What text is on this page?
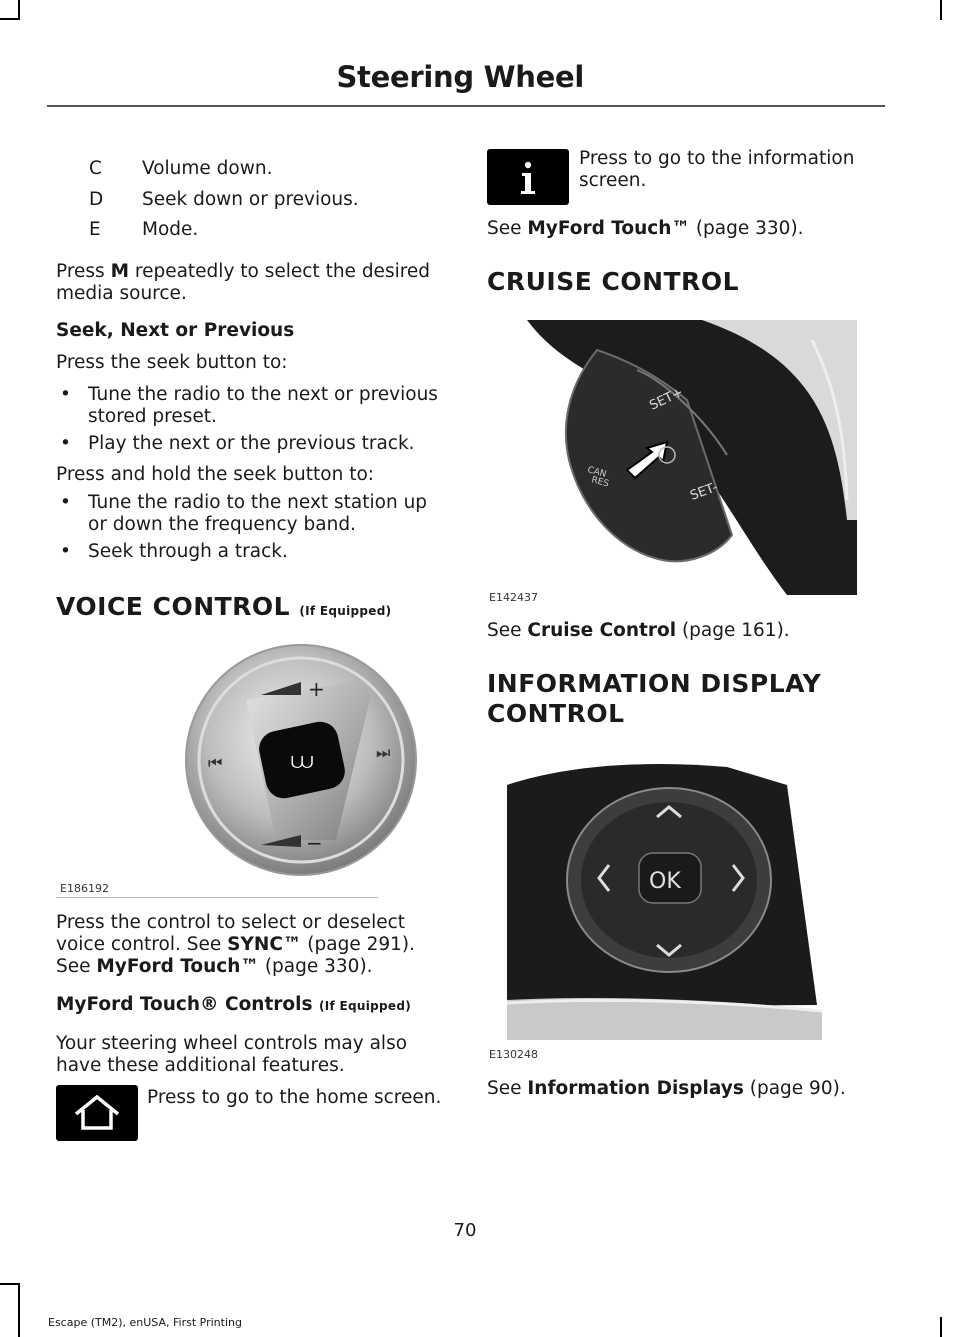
Steering Wheel
C Volume down.
D Seek down or previous.
E Mode.
Press M repeatedly to select the desired
media source.
Seek, Next or Previous
Press the seek button to:
• Tune the radio to the next or previous
stored preset.
• Play the next or the previous track.
Press and hold the seek button to:
• Tune the radio to the next station up
or down the frequency band.
• Seek through a track.
VOICE CONTROL (If Equipped)
⩊
+
−
⏮
⏭
E186192
Press the control to select or deselect
voice control. See SYNC™ (page 291).
See MyFord Touch™ (page 330).
MyFord Touch® Controls (If Equipped)
Your steering wheel controls may also
have these additional features.
Press to go to the home screen.
Press to go to the information
screen.
See MyFord Touch™ (page 330).
CRUISE CONTROL
SET+
SET-
CAN
RES
E142437
See Cruise Control (page 161).
INFORMATION DISPLAY
CONTROL
OK
E130248
See Information Displays (page 90).
70
Escape (TM2), enUSA, First Printing
